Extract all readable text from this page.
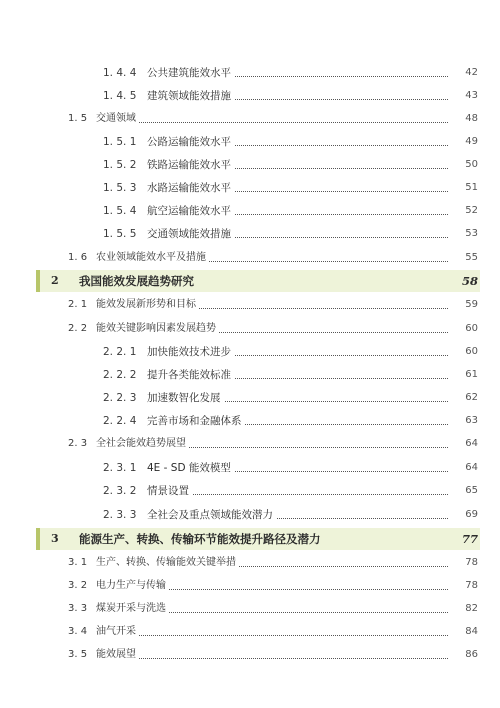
1. 4. 4 公共建筑能效水平	42
1. 4. 5 建筑领域能效措施	43
1. 5 交通领域	48
1. 5. 1 公路运输能效水平	49
1. 5. 2 铁路运输能效水平	50
1. 5. 3 水路运输能效水平	51
1. 5. 4 航空运输能效水平	52
1. 5. 5 交通领域能效措施	53
1. 6 农业领域能效水平及措施	55
2 我国能效发展趋势研究	58
2. 1 能效发展新形势和目标	59
2. 2 能效关键影响因素发展趋势	60
2. 2. 1 加快能效技术进步	60
2. 2. 2 提升各类能效标准	61
2. 2. 3 加速数智化发展	62
2. 2. 4 完善市场和金融体系	63
2. 3 全社会能效趋势展望	64
2. 3. 1 4E - SD 能效模型	64
2. 3. 2 情景设置	65
2. 3. 3 全社会及重点领域能效潜力	69
3 能源生产、转换、传输环节能效提升路径及潜力	77
3. 1 生产、转换、传输能效关键举措	78
3. 2 电力生产与传输	78
3. 3 煤炭开采与洗选	82
3. 4 油气开采	84
3. 5 能效展望	86
